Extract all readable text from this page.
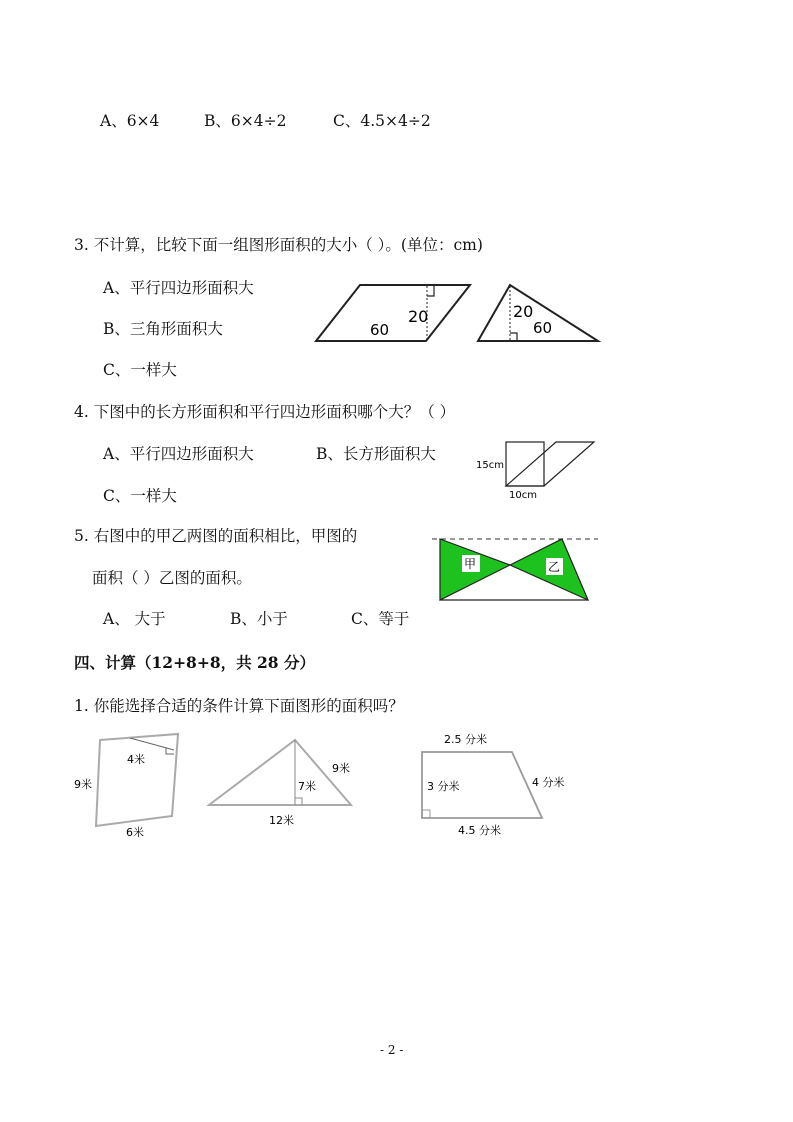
A、6×4	B、6×4÷2	C、4.5×4÷2
3. 不计算，比较下面一组图形面积的大小（ ）。(单位：cm)
A、平行四边形面积大
B、三角形面积大
C、一样大
20
60
20
60
4. 下图中的长方形面积和平行四边形面积哪个大？（ ）
A、平行四边形面积大	B、长方形面积大
C、一样大
15cm
10cm
5. 右图中的甲乙两图的面积相比，甲图的
面积（ ）乙图的面积。
A、 大于	B、小于	C、等于
甲	乙
四、计算（12+8+8，共 28 分）
1. 你能选择合适的条件计算下面图形的面积吗？
9米
4米
6米
9米
7米
12米
2.5 分米
3 分米	4 分米
4.5 分米
- 2 -
